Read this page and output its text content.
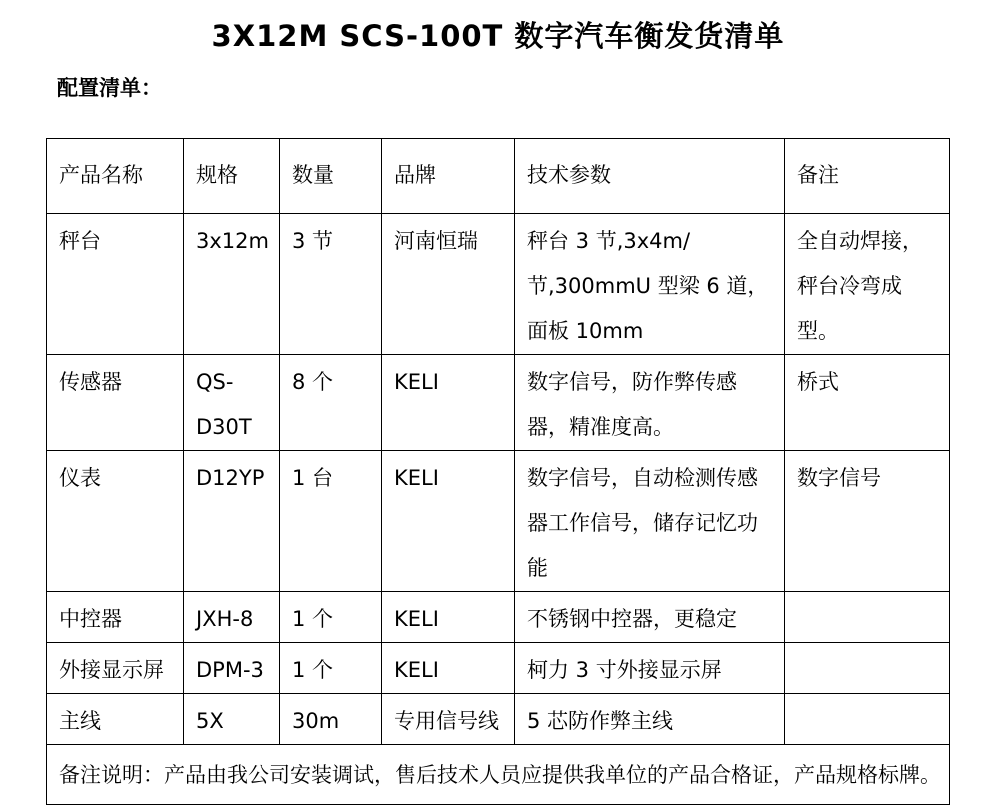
3X12M SCS-100T 数字汽车衡发货清单
配置清单：
产品名称	规格	数量	品牌	技术参数	备注
秤台	3x12m	3 节	河南恒瑞	秤台 3 节,3x4m/节,300mmU 型梁 6 道，面板 10mm	全自动焊接，秤台冷弯成型。
传感器	QS-D30T	8 个	KELI	数字信号，防作弊传感器，精准度高。	桥式
仪表	D12YP	1 台	KELI	数字信号，自动检测传感器工作信号，储存记忆功能	数字信号
中控器	JXH-8	1 个	KELI	不锈钢中控器，更稳定	
外接显示屏	DPM-3	1 个	KELI	柯力 3 寸外接显示屏	
主线	5X	30m	专用信号线	5 芯防作弊主线	
备注说明：产品由我公司安装调试，售后技术人员应提供我单位的产品合格证，产品规格标牌。					
